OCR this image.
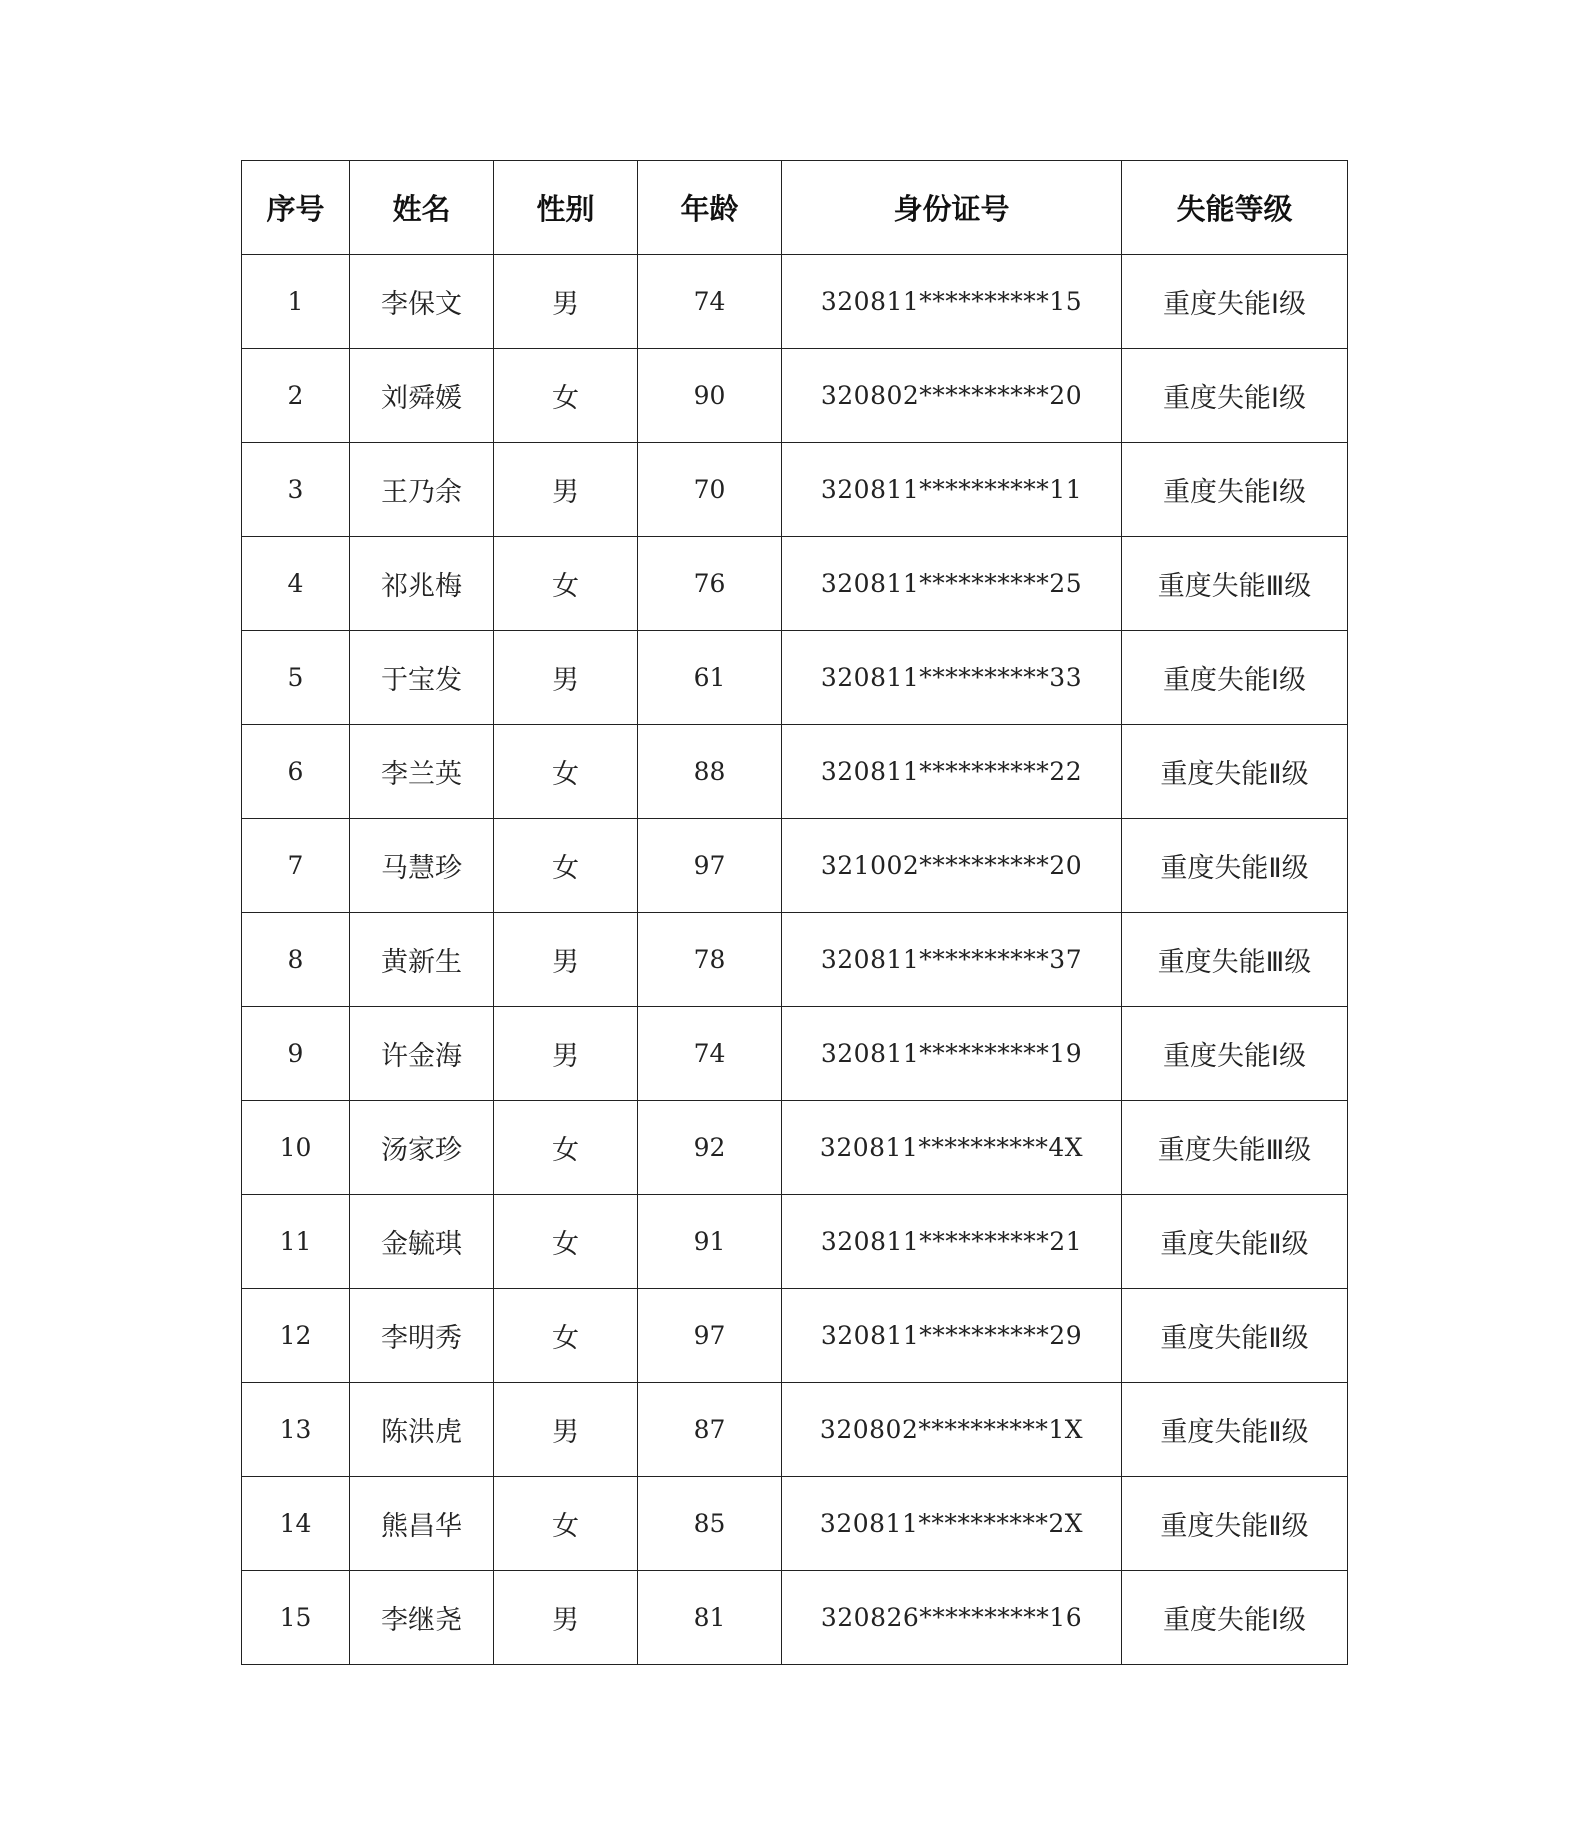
序号	姓名	性别	年龄	身份证号	失能等级
1	李保文	男	74	320811**********15	重度失能Ⅰ级
2	刘舜媛	女	90	320802**********20	重度失能Ⅰ级
3	王乃余	男	70	320811**********11	重度失能Ⅰ级
4	祁兆梅	女	76	320811**********25	重度失能Ⅲ级
5	于宝发	男	61	320811**********33	重度失能Ⅰ级
6	李兰英	女	88	320811**********22	重度失能Ⅱ级
7	马慧珍	女	97	321002**********20	重度失能Ⅱ级
8	黄新生	男	78	320811**********37	重度失能Ⅲ级
9	许金海	男	74	320811**********19	重度失能Ⅰ级
10	汤家珍	女	92	320811**********4X	重度失能Ⅲ级
11	金毓琪	女	91	320811**********21	重度失能Ⅱ级
12	李明秀	女	97	320811**********29	重度失能Ⅱ级
13	陈洪虎	男	87	320802**********1X	重度失能Ⅱ级
14	熊昌华	女	85	320811**********2X	重度失能Ⅱ级
15	李继尧	男	81	320826**********16	重度失能Ⅰ级
